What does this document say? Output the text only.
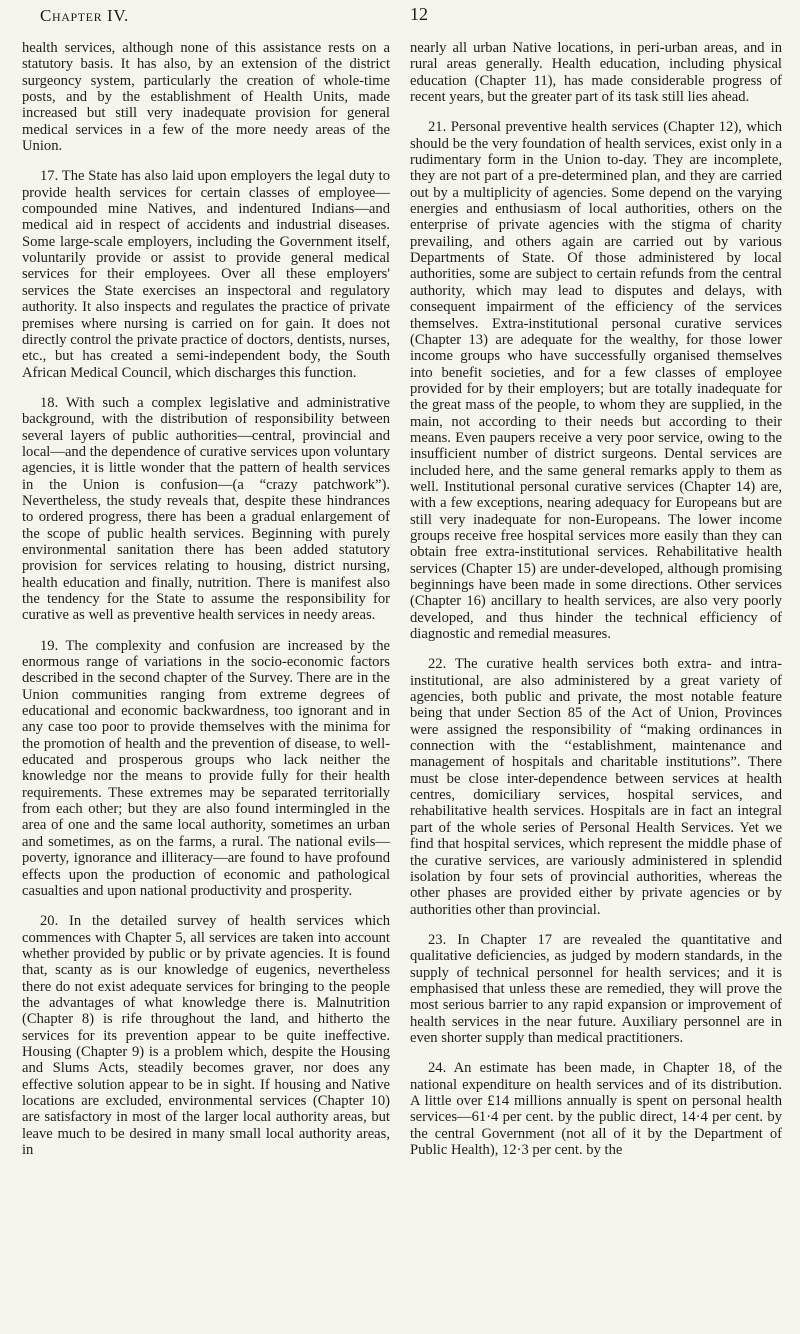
Chapter IV.	12

health services, although none of this assistance rests on a statutory basis. It has also, by an extension of the district surgeoncy system, particularly the creation of whole-time posts, and by the establishment of Health Units, made increased but still very inadequate provision for general medical services in a few of the more needy areas of the Union.

17. The State has also laid upon employers the legal duty to provide health services for certain classes of employee—compounded mine Natives, and indentured Indians—and medical aid in respect of accidents and industrial diseases. Some large-scale employers, including the Government itself, voluntarily provide or assist to provide general medical services for their employees. Over all these employers' services the State exercises an inspectoral and regulatory authority. It also inspects and regulates the practice of private premises where nursing is carried on for gain. It does not directly control the private practice of doctors, dentists, nurses, etc., but has created a semi-independent body, the South African Medical Council, which discharges this function.

18. With such a complex legislative and administrative background, with the distribution of responsibility between several layers of public authorities—central, provincial and local—and the dependence of curative services upon voluntary agencies, it is little wonder that the pattern of health services in the Union is confusion—(a “crazy patchwork”). Nevertheless, the study reveals that, despite these hindrances to ordered progress, there has been a gradual enlargement of the scope of public health services. Beginning with purely environmental sanitation there has been added statutory provision for services relating to housing, district nursing, health education and finally, nutrition. There is manifest also the tendency for the State to assume the responsibility for curative as well as preventive health services in needy areas.

19. The complexity and confusion are increased by the enormous range of variations in the socio-economic factors described in the second chapter of the Survey. There are in the Union communities ranging from extreme degrees of educational and economic backwardness, too ignorant and in any case too poor to provide themselves with the minima for the promotion of health and the prevention of disease, to well-educated and prosperous groups who lack neither the knowledge nor the means to provide fully for their health requirements. These extremes may be separated territorially from each other; but they are also found intermingled in the area of one and the same local authority, sometimes an urban and sometimes, as on the farms, a rural. The national evils—poverty, ignorance and illiteracy—are found to have profound effects upon the production of economic and pathological casualties and upon national productivity and prosperity.

20. In the detailed survey of health services which commences with Chapter 5, all services are taken into account whether provided by public or by private agencies. It is found that, scanty as is our knowledge of eugenics, nevertheless there do not exist adequate services for bringing to the people the advantages of what knowledge there is. Malnutrition (Chapter 8) is rife throughout the land, and hitherto the services for its prevention appear to be quite ineffective. Housing (Chapter 9) is a problem which, despite the Housing and Slums Acts, steadily becomes graver, nor does any effective solution appear to be in sight. If housing and Native locations are excluded, environmental services (Chapter 10) are satisfactory in most of the larger local authority areas, but leave much to be desired in many small local authority areas, in

nearly all urban Native locations, in peri-urban areas, and in rural areas generally. Health education, including physical education (Chapter 11), has made considerable progress of recent years, but the greater part of its task still lies ahead.

21. Personal preventive health services (Chapter 12), which should be the very foundation of health services, exist only in a rudimentary form in the Union to-day. They are incomplete, they are not part of a pre-determined plan, and they are carried out by a multiplicity of agencies. Some depend on the varying energies and enthusiasm of local authorities, others on the enterprise of private agencies with the stigma of charity prevailing, and others again are carried out by various Departments of State. Of those administered by local authorities, some are subject to certain refunds from the central authority, which may lead to disputes and delays, with consequent impairment of the efficiency of the services themselves. Extra-institutional personal curative services (Chapter 13) are adequate for the wealthy, for those lower income groups who have successfully organised themselves into benefit societies, and for a few classes of employee provided for by their employers; but are totally inadequate for the great mass of the people, to whom they are supplied, in the main, not according to their needs but according to their means. Even paupers receive a very poor service, owing to the insufficient number of district surgeons. Dental services are included here, and the same general remarks apply to them as well. Institutional personal curative services (Chapter 14) are, with a few exceptions, nearing adequacy for Europeans but are still very inadequate for non-Europeans. The lower income groups receive free hospital services more easily than they can obtain free extra-institutional services. Rehabilitative health services (Chapter 15) are under-developed, although promising beginnings have been made in some directions. Other services (Chapter 16) ancillary to health services, are also very poorly developed, and thus hinder the technical efficiency of diagnostic and remedial measures.

22. The curative health services both extra- and intra-institutional, are also administered by a great variety of agencies, both public and private, the most notable feature being that under Section 85 of the Act of Union, Provinces were assigned the responsibility of “making ordinances in connection with the ‘‘establishment, maintenance and management of hospitals and charitable institutions”. There must be close inter-dependence between services at health centres, domiciliary services, hospital services, and rehabilitative health services. Hospitals are in fact an integral part of the whole series of Personal Health Services. Yet we find that hospital services, which represent the middle phase of the curative services, are variously administered in splendid isolation by four sets of provincial authorities, whereas the other phases are provided either by private agencies or by authorities other than provincial.

23. In Chapter 17 are revealed the quantitative and qualitative deficiencies, as judged by modern standards, in the supply of technical personnel for health services; and it is emphasised that unless these are remedied, they will prove the most serious barrier to any rapid expansion or improvement of health services in the near future. Auxiliary personnel are in even shorter supply than medical practitioners.

24. An estimate has been made, in Chapter 18, of the national expenditure on health services and of its distribution. A little over £14 millions annually is spent on personal health services—61·4 per cent. by the public direct, 14·4 per cent. by the central Government (not all of it by the Department of Public Health), 12·3 per cent. by the
